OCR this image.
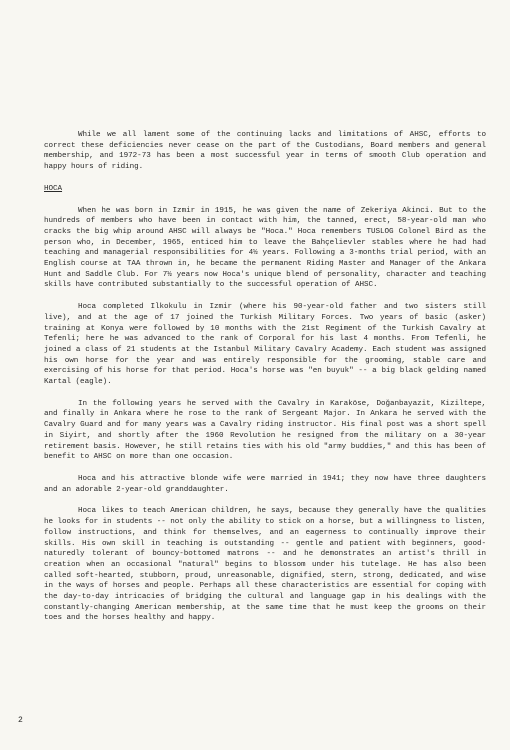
While we all lament some of the continuing lacks and limitations of AHSC, efforts to correct these deficiencies never cease on the part of the Custodians, Board members and general membership, and 1972-73 has been a most successful year in terms of smooth Club operation and happy hours of riding.

HOCA

When he was born in Izmir in 1915, he was given the name of Zekeriya Akinci. But to the hundreds of members who have been in contact with him, the tanned, erect, 58-year-old man who cracks the big whip around AHSC will always be "Hoca." Hoca remembers TUSLOG Colonel Bird as the person who, in December, 1965, enticed him to leave the Bahçelievler stables where he had had teaching and managerial responsibilities for 4½ years. Following a 3-months trial period, with an English course at TAA thrown in, he became the permanent Riding Master and Manager of the Ankara Hunt and Saddle Club. For 7½ years now Hoca's unique blend of personality, character and teaching skills have contributed substantially to the successful operation of AHSC.

Hoca completed Ilkokulu in Izmir (where his 90-year-old father and two sisters still live), and at the age of 17 joined the Turkish Military Forces. Two years of basic (asker) training at Konya were followed by 10 months with the 21st Regiment of the Turkish Cavalry at Tefenli; here he was advanced to the rank of Corporal for his last 4 months. From Tefenli, he joined a class of 21 students at the Istanbul Military Cavalry Academy. Each student was assigned his own horse for the year and was entirely responsible for the grooming, stable care and exercising of his horse for that period. Hoca's horse was "en buyuk" -- a big black gelding named Kartal (eagle).

In the following years he served with the Cavalry in Karaköse, Doğanbayazit, Kiziltepe, and finally in Ankara where he rose to the rank of Sergeant Major. In Ankara he served with the Cavalry Guard and for many years was a Cavalry riding instructor. His final post was a short spell in Siyirt, and shortly after the 1960 Revolution he resigned from the military on a 30-year retirement basis. However, he still retains ties with his old "army buddies," and this has been of benefit to AHSC on more than one occasion.

Hoca and his attractive blonde wife were married in 1941; they now have three daughters and an adorable 2-year-old granddaughter.

Hoca likes to teach American children, he says, because they generally have the qualities he looks for in students -- not only the ability to stick on a horse, but a willingness to listen, follow instructions, and think for themselves, and an eagerness to continually improve their skills. His own skill in teaching is outstanding -- gentle and patient with beginners, good-naturedly tolerant of bouncy-bottomed matrons -- and he demonstrates an artist's thrill in creation when an occasional "natural" begins to blossom under his tutelage. He has also been called soft-hearted, stubborn, proud, unreasonable, dignified, stern, strong, dedicated, and wise in the ways of horses and people. Perhaps all these characteristics are essential for coping with the day-to-day intricacies of bridging the cultural and language gap in his dealings with the constantly-changing American membership, at the same time that he must keep the grooms on their toes and the horses healthy and happy.

2
